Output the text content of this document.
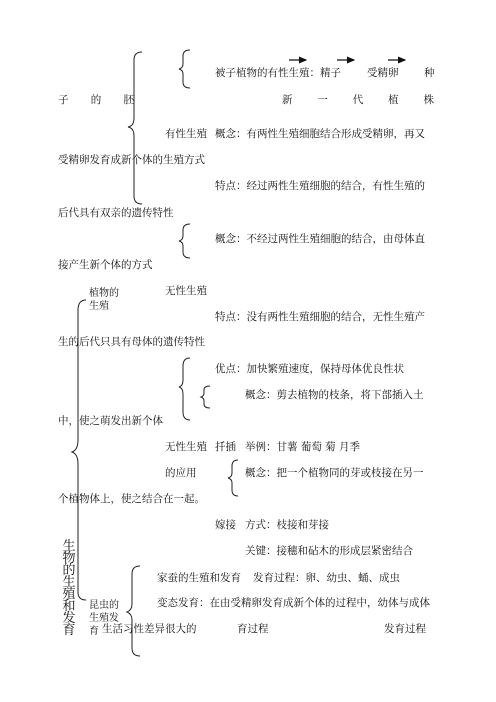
被子植物的有性生殖：精子 受精卵 种
子 的 胚	新 一 代 植 株
有性生殖 概念：有两性生殖细胞结合形成受精卵，再又
受精卵发育成新个体的生殖方式
特点：经过两性生殖细胞的结合，有性生殖的
后代具有双亲的遗传特性
概念：不经过两性生殖细胞的结合，由母体直
接产生新个体的方式
植物的	无性生殖
生殖
特点：没有两性生殖细胞的结合，无性生殖产
生的后代只具有母体的遗传特性
优点：加快繁殖速度，保持母体优良性状
概念：剪去植物的枝条，将下部插入土
中，使之萌发出新个体
无性生殖 扦插 举例：甘薯 葡萄 菊 月季
的应用	概念：把一个植物同的芽或枝接在另一
个植物体上，使之结合在一起。
嫁接 方式：枝接和芽接
关键：接穗和砧木的形成层紧密结合
生
物
的
生
殖
和
发
育
家蚕的生殖和发育 发育过程：卵、幼虫、蛹、成虫
昆虫的	变态发育：在由受精卵发育成新个体的过程中，幼体与成体
生殖发
生活习性差异很大的	育过程	发育过程
育
